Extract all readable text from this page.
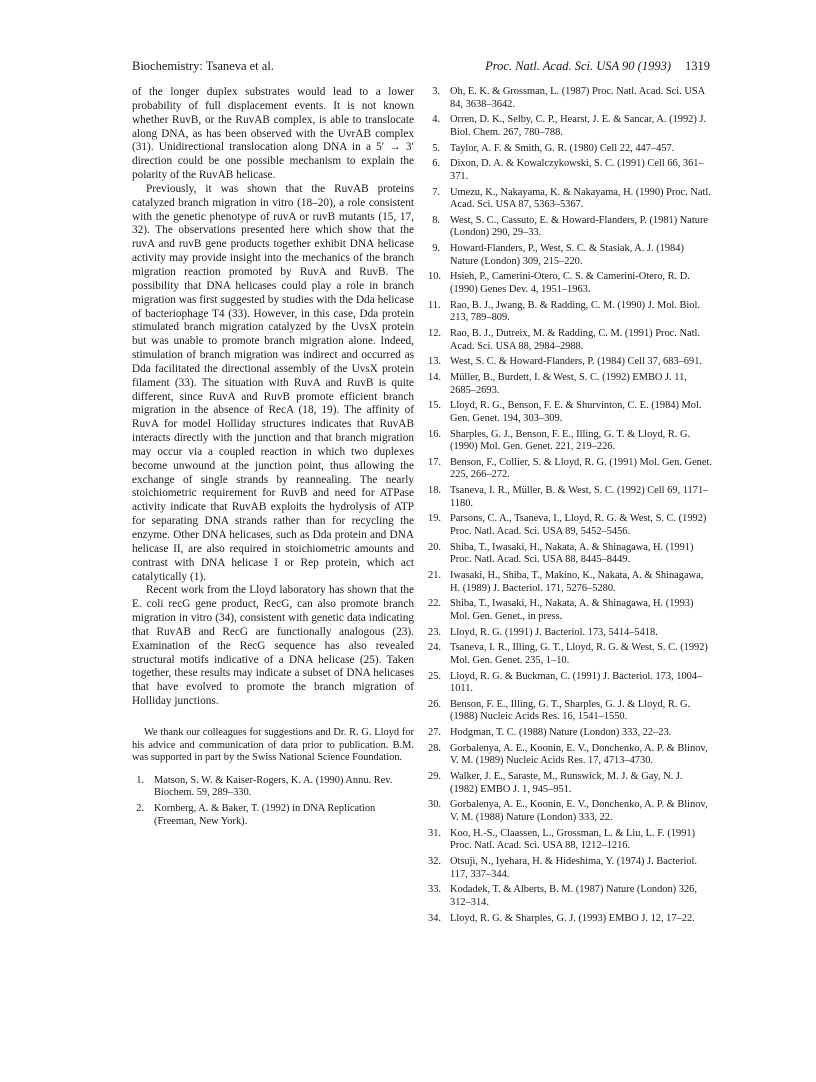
Biochemistry: Tsaneva et al.	Proc. Natl. Acad. Sci. USA 90 (1993) 1319

of the longer duplex substrates would lead to a lower probability of full displacement events. It is not known whether RuvB, or the RuvAB complex, is able to translocate along DNA, as has been observed with the UvrAB complex (31). Unidirectional translocation along DNA in a 5′ → 3′ direction could be one possible mechanism to explain the polarity of the RuvAB helicase.

Previously, it was shown that the RuvAB proteins catalyzed branch migration in vitro (18–20), a role consistent with the genetic phenotype of ruvA or ruvB mutants (15, 17, 32). The observations presented here which show that the ruvA and ruvB gene products together exhibit DNA helicase activity may provide insight into the mechanics of the branch migration reaction promoted by RuvA and RuvB. The possibility that DNA helicases could play a role in branch migration was first suggested by studies with the Dda helicase of bacteriophage T4 (33). However, in this case, Dda protein stimulated branch migration catalyzed by the UvsX protein but was unable to promote branch migration alone. Indeed, stimulation of branch migration was indirect and occurred as Dda facilitated the directional assembly of the UvsX protein filament (33). The situation with RuvA and RuvB is quite different, since RuvA and RuvB promote efficient branch migration in the absence of RecA (18, 19). The affinity of RuvA for model Holliday structures indicates that RuvAB interacts directly with the junction and that branch migration may occur via a coupled reaction in which two duplexes become unwound at the junction point, thus allowing the exchange of single strands by reannealing. The nearly stoichiometric requirement for RuvB and need for ATPase activity indicate that RuvAB exploits the hydrolysis of ATP for separating DNA strands rather than for recycling the enzyme. Other DNA helicases, such as Dda protein and DNA helicase II, are also required in stoichiometric amounts and contrast with DNA helicase I or Rep protein, which act catalytically (1).

Recent work from the Lloyd laboratory has shown that the E. coli recG gene product, RecG, can also promote branch migration in vitro (34), consistent with genetic data indicating that RuvAB and RecG are functionally analogous (23). Examination of the RecG sequence has also revealed structural motifs indicative of a DNA helicase (25). Taken together, these results may indicate a subset of DNA helicases that have evolved to promote the branch migration of Holliday junctions.

We thank our colleagues for suggestions and Dr. R. G. Lloyd for his advice and communication of data prior to publication. B.M. was supported in part by the Swiss National Science Foundation.

1. Matson, S. W. & Kaiser-Rogers, K. A. (1990) Annu. Rev. Biochem. 59, 289–330.
2. Kornberg, A. & Baker, T. (1992) in DNA Replication (Freeman, New York).
3. Oh, E. K. & Grossman, L. (1987) Proc. Natl. Acad. Sci. USA 84, 3638–3642.
4. Orren, D. K., Selby, C. P., Hearst, J. E. & Sancar, A. (1992) J. Biol. Chem. 267, 780–788.
5. Taylor, A. F. & Smith, G. R. (1980) Cell 22, 447–457.
6. Dixon, D. A. & Kowalczykowski, S. C. (1991) Cell 66, 361–371.
7. Umezu, K., Nakayama, K. & Nakayama, H. (1990) Proc. Natl. Acad. Sci. USA 87, 5363–5367.
8. West, S. C., Cassuto, E. & Howard-Flanders, P. (1981) Nature (London) 290, 29–33.
9. Howard-Flanders, P., West, S. C. & Stasiak, A. J. (1984) Nature (London) 309, 215–220.
10. Hsieh, P., Camerini-Otero, C. S. & Camerini-Otero, R. D. (1990) Genes Dev. 4, 1951–1963.
11. Rao, B. J., Jwang, B. & Radding, C. M. (1990) J. Mol. Biol. 213, 789–809.
12. Rao, B. J., Dutreix, M. & Radding, C. M. (1991) Proc. Natl. Acad. Sci. USA 88, 2984–2988.
13. West, S. C. & Howard-Flanders, P. (1984) Cell 37, 683–691.
14. Müller, B., Burdett, I. & West, S. C. (1992) EMBO J. 11, 2685–2693.
15. Lloyd, R. G., Benson, F. E. & Shurvinton, C. E. (1984) Mol. Gen. Genet. 194, 303–309.
16. Sharples, G. J., Benson, F. E., Illing, G. T. & Lloyd, R. G. (1990) Mol. Gen. Genet. 221, 219–226.
17. Benson, F., Collier, S. & Lloyd, R. G. (1991) Mol. Gen. Genet. 225, 266–272.
18. Tsaneva, I. R., Müller, B. & West, S. C. (1992) Cell 69, 1171–1180.
19. Parsons, C. A., Tsaneva, I., Lloyd, R. G. & West, S. C. (1992) Proc. Natl. Acad. Sci. USA 89, 5452–5456.
20. Shiba, T., Iwasaki, H., Nakata, A. & Shinagawa, H. (1991) Proc. Natl. Acad. Sci. USA 88, 8445–8449.
21. Iwasaki, H., Shiba, T., Makino, K., Nakata, A. & Shinagawa, H. (1989) J. Bacteriol. 171, 5276–5280.
22. Shiba, T., Iwasaki, H., Nakata, A. & Shinagawa, H. (1993) Mol. Gen. Genet., in press.
23. Lloyd, R. G. (1991) J. Bacteriol. 173, 5414–5418.
24. Tsaneva, I. R., Illing, G. T., Lloyd, R. G. & West, S. C. (1992) Mol. Gen. Genet. 235, 1–10.
25. Lloyd, R. G. & Buckman, C. (1991) J. Bacteriol. 173, 1004–1011.
26. Benson, F. E., Illing, G. T., Sharples, G. J. & Lloyd, R. G. (1988) Nucleic Acids Res. 16, 1541–1550.
27. Hodgman, T. C. (1988) Nature (London) 333, 22–23.
28. Gorbalenya, A. E., Koonin, E. V., Donchenko, A. P. & Blinov, V. M. (1989) Nucleic Acids Res. 17, 4713–4730.
29. Walker, J. E., Saraste, M., Runswick, M. J. & Gay, N. J. (1982) EMBO J. 1, 945–951.
30. Gorbalenya, A. E., Koonin, E. V., Donchenko, A. P. & Blinov, V. M. (1988) Nature (London) 333, 22.
31. Koo, H.-S., Claassen, L., Grossman, L. & Liu, L. F. (1991) Proc. Natl. Acad. Sci. USA 88, 1212–1216.
32. Otsuji, N., Iyehara, H. & Hideshima, Y. (1974) J. Bacteriol. 117, 337–344.
33. Kodadek, T. & Alberts, B. M. (1987) Nature (London) 326, 312–314.
34. Lloyd, R. G. & Sharples, G. J. (1993) EMBO J. 12, 17–22.
